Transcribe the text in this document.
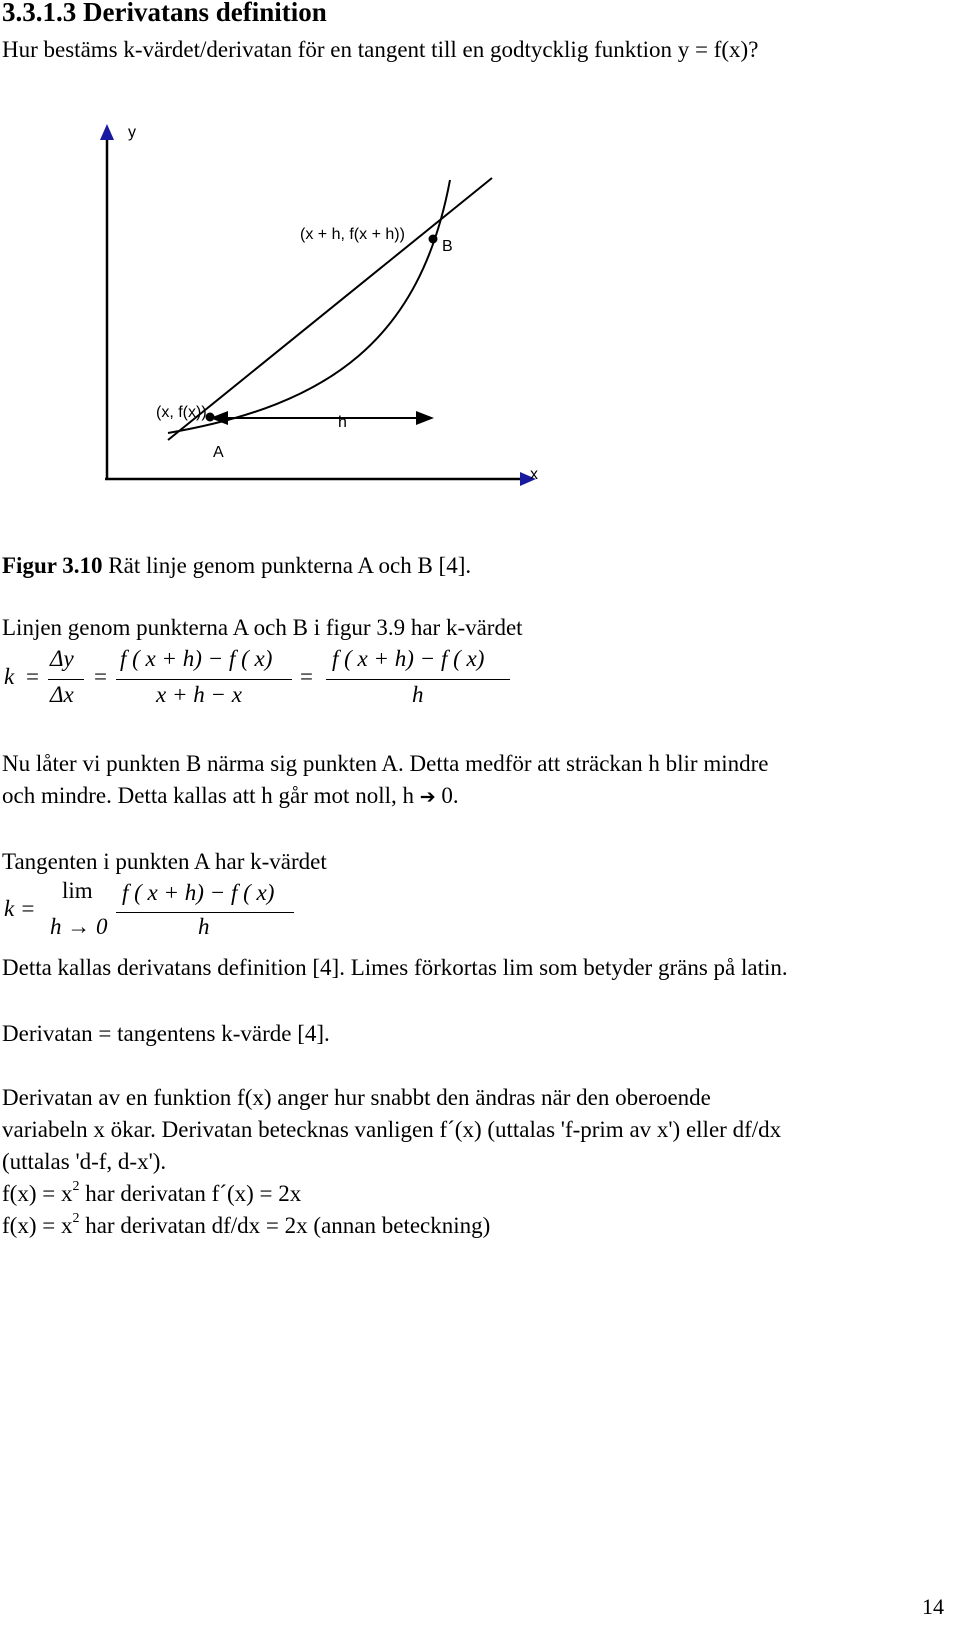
3.3.1.3 Derivatans definition
Hur bestäms k-värdet/derivatan för en tangent till en godtycklig funktion y = f(x)?
y
x
(x + h, f(x + h))
B
(x, f(x))
A
h
Figur 3.10 Rät linje genom punkterna A och B [4].
Linjen genom punkterna A och B i figur 3.9 har k-värdet
k =
Δy
Δx
=
f ( x + h) − f ( x)
x + h − x
=
f ( x + h) − f ( x)
h
Nu låter vi punkten B närma sig punkten A. Detta medför att sträckan h blir mindre
och mindre. Detta kallas att h går mot noll, h ➔ 0.
Tangenten i punkten A har k-värdet
k =
lim
h → 0
f ( x + h) − f ( x)
h
Detta kallas derivatans definition [4]. Limes förkortas lim som betyder gräns på latin.
Derivatan = tangentens k-värde [4].
Derivatan av en funktion f(x) anger hur snabbt den ändras när den oberoende
variabeln x ökar. Derivatan betecknas vanligen f´(x) (uttalas 'f-prim av x') eller df/dx
(uttalas 'd-f, d-x').
$f(x) = x^2$ har derivatan f´(x) = 2x
$f(x) = x^2$ har derivatan df/dx = 2x (annan beteckning)
14
